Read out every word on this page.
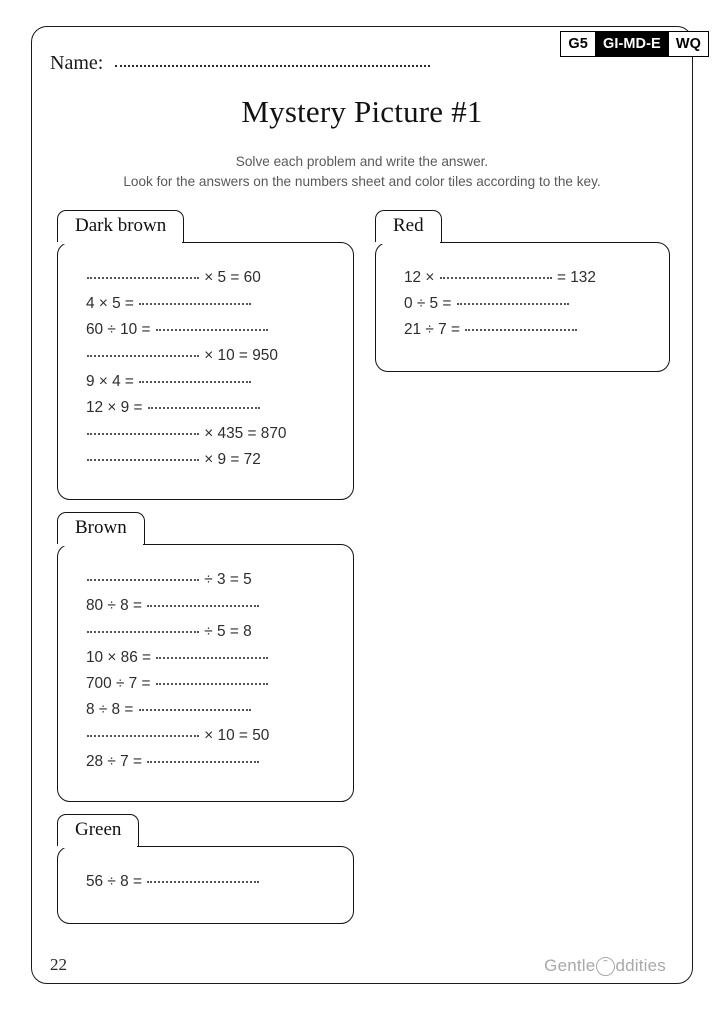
G5	GI-MD-E	WQ
Name:
Mystery Picture #1
Solve each problem and write the answer.
Look for the answers on the numbers sheet and color tiles according to the key.
Dark brown
× 5 = 60
4 × 5 =
60 ÷ 10 =
× 10 = 950
9 × 4 =
12 × 9 =
× 435 = 870
× 9 = 72
Red
12 ×	= 132
0 ÷ 5 =
21 ÷ 7 =
Brown
÷ 3 = 5
80 ÷ 8 =
÷ 5 = 8
10 × 86 =
700 ÷ 7 =
8 ÷ 8 =
× 10 = 50
28 ÷ 7 =
Green
56 ÷ 8 =
22	Gentle ddities
